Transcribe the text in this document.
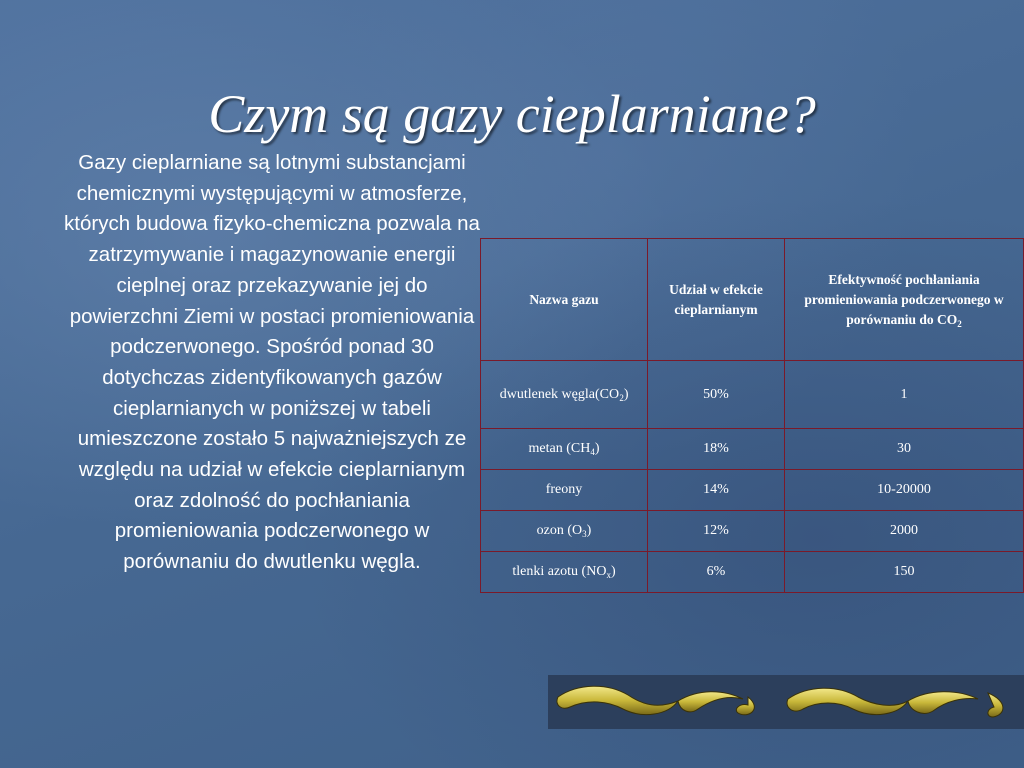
Czym są gazy cieplarniane?

Gazy cieplarniane są lotnymi substancjami chemicznymi występującymi w atmosferze, których budowa fizyko-chemiczna pozwala na zatrzymywanie i magazynowanie energii cieplnej oraz przekazywanie jej do powierzchni Ziemi w postaci promieniowania podczerwonego. Spośród ponad 30 dotychczas zidentyfikowanych gazów cieplarnianych w poniższej w tabeli umieszczone zostało 5 najważniejszych ze względu na udział w efekcie cieplarnianym oraz zdolność do pochłaniania promieniowania podczerwonego w porównaniu do dwutlenku węgla.

Nazwa gazu	Udział w efekcie cieplarnianym	Efektywność pochłaniania promieniowania podczerwonego w porównaniu do $CO_2$
dwutlenek $węgla(CO_2)$	50%	1
metan $(CH_4)$	18%	30
freony	14%	10-20000
ozon $(O_3)$	12%	2000
tlenki azotu $(NO_x)$	6%	150
